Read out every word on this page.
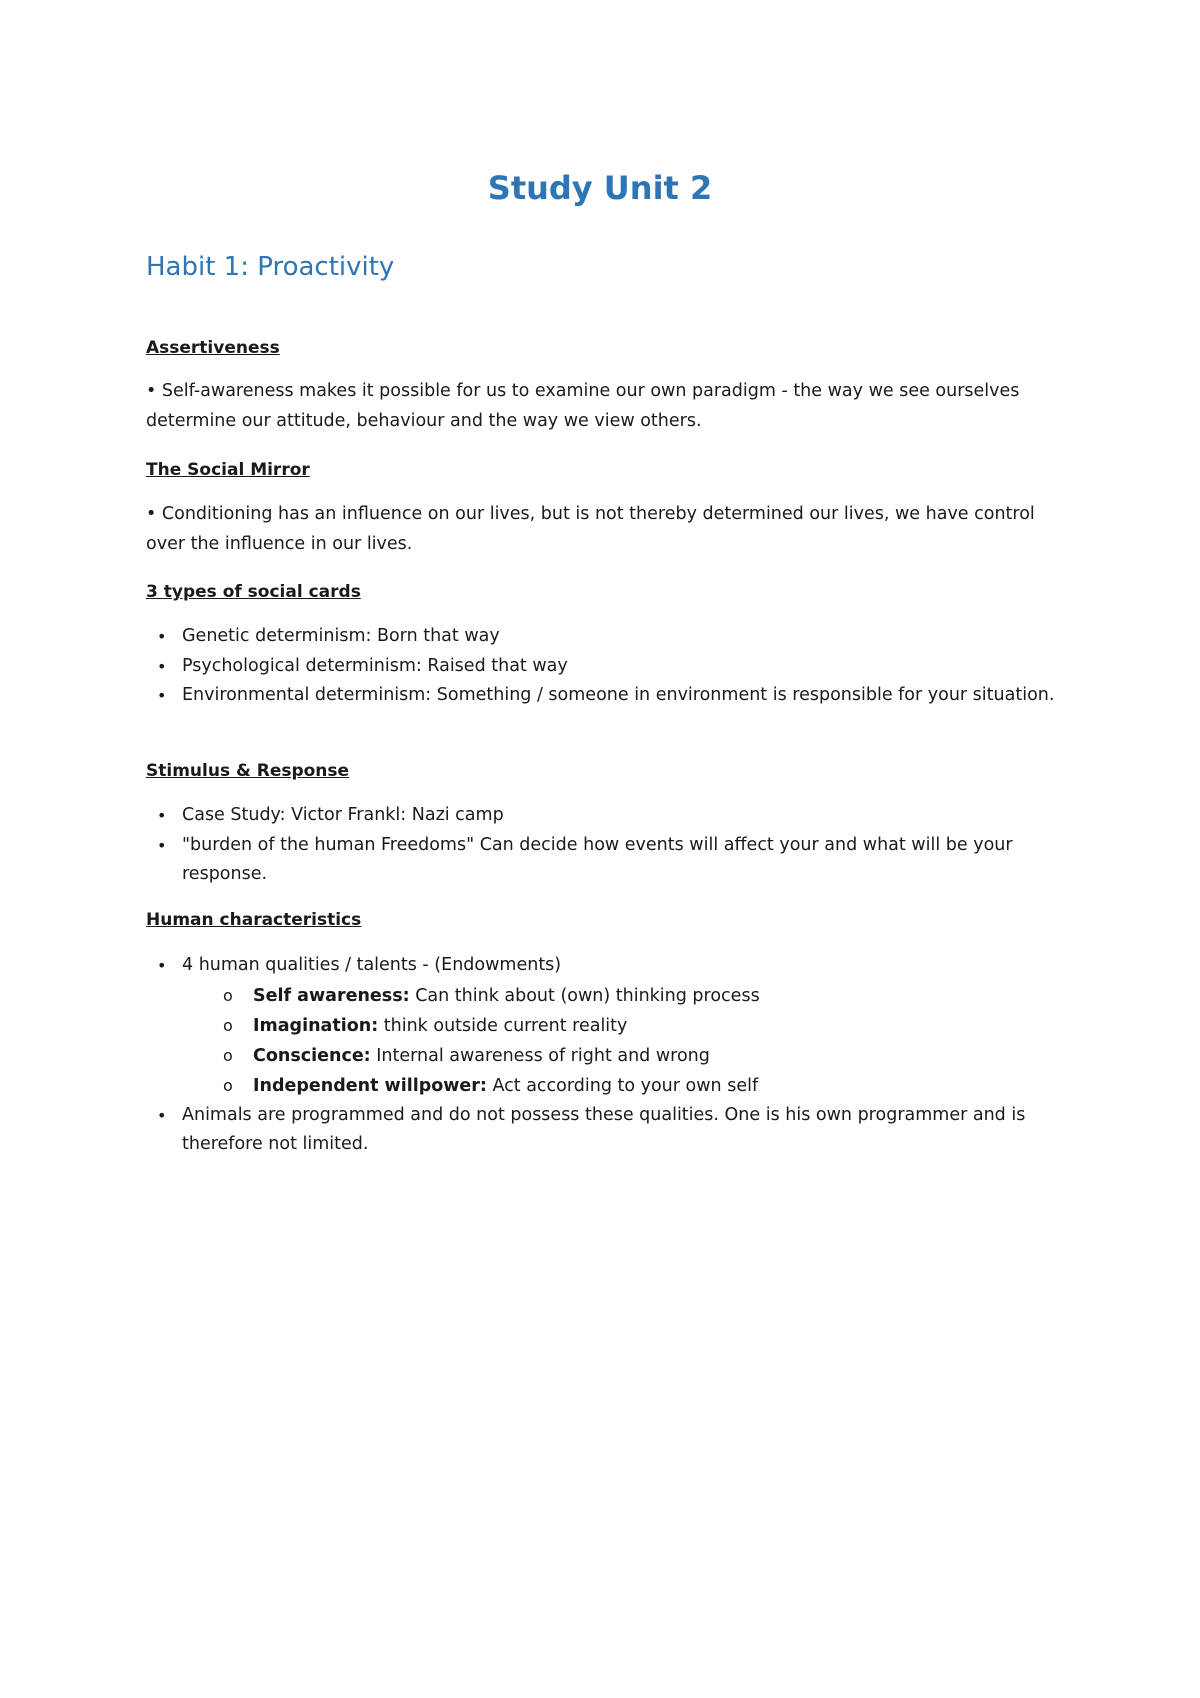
Study Unit 2
Habit 1: Proactivity

Assertiveness

• Self-awareness makes it possible for us to examine our own paradigm - the way we see ourselves determine our attitude, behaviour and the way we view others.

The Social Mirror

• Conditioning has an influence on our lives, but is not thereby determined our lives, we have control over the influence in our lives.

3 types of social cards

• Genetic determinism: Born that way
• Psychological determinism: Raised that way
• Environmental determinism: Something / someone in environment is responsible for your situation.

Stimulus & Response

• Case Study: Victor Frankl: Nazi camp
• "burden of the human Freedoms" Can decide how events will affect your and what will be your response.

Human characteristics

• 4 human qualities / talents - (Endowments)
o Self awareness: Can think about (own) thinking process
o Imagination: think outside current reality
o Conscience: Internal awareness of right and wrong
o Independent willpower: Act according to your own self
• Animals are programmed and do not possess these qualities. One is his own programmer and is therefore not limited.
